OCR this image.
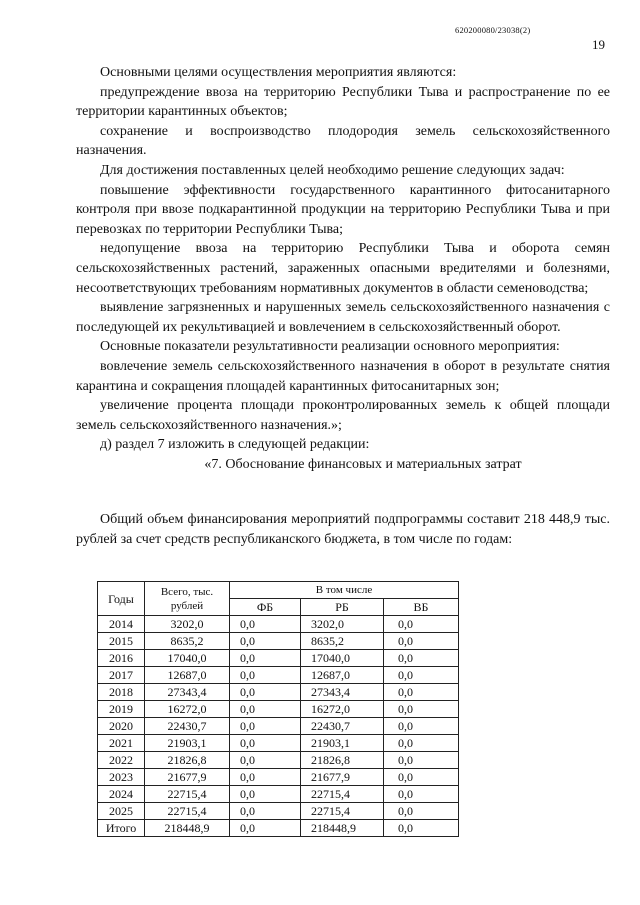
620200080/23038(2)
19

Основными целями осуществления мероприятия являются:

предупреждение ввоза на территорию Республики Тыва и распространение по ее территории карантинных объектов;

сохранение и воспроизводство плодородия земель сельскохозяйственного назначения.

Для достижения поставленных целей необходимо решение следующих задач:

повышение эффективности государственного карантинного фитосанитарного контроля при ввозе подкарантинной продукции на территорию Республики Тыва и при перевозках по территории Республики Тыва;

недопущение ввоза на территорию Республики Тыва и оборота семян сельскохозяйственных растений, зараженных опасными вредителями и болезнями, несоответствующих требованиям нормативных документов в области семеноводства;

выявление загрязненных и нарушенных земель сельскохозяйственного назначения с последующей их рекультивацией и вовлечением в сельскохозяйственный оборот.

Основные показатели результативности реализации основного мероприятия:

вовлечение земель сельскохозяйственного назначения в оборот в результате снятия карантина и сокращения площадей карантинных фитосанитарных зон;

увеличение процента площади проконтролированных земель к общей площади земель сельскохозяйственного назначения.»;

д) раздел 7 изложить в следующей редакции:

«7. Обоснование финансовых и материальных затрат

Общий объем финансирования мероприятий подпрограммы составит 218 448,9 тыс. рублей за счет средств республиканского бюджета, в том числе по годам:

Годы	Всего, тыс. рублей	В том числе		
		ФБ	РБ	ВБ
2014	3202,0	0,0	3202,0	0,0
2015	8635,2	0,0	8635,2	0,0
2016	17040,0	0,0	17040,0	0,0
2017	12687,0	0,0	12687,0	0,0
2018	27343,4	0,0	27343,4	0,0
2019	16272,0	0,0	16272,0	0,0
2020	22430,7	0,0	22430,7	0,0
2021	21903,1	0,0	21903,1	0,0
2022	21826,8	0,0	21826,8	0,0
2023	21677,9	0,0	21677,9	0,0
2024	22715,4	0,0	22715,4	0,0
2025	22715,4	0,0	22715,4	0,0
Итого	218448,9	0,0	218448,9	0,0
